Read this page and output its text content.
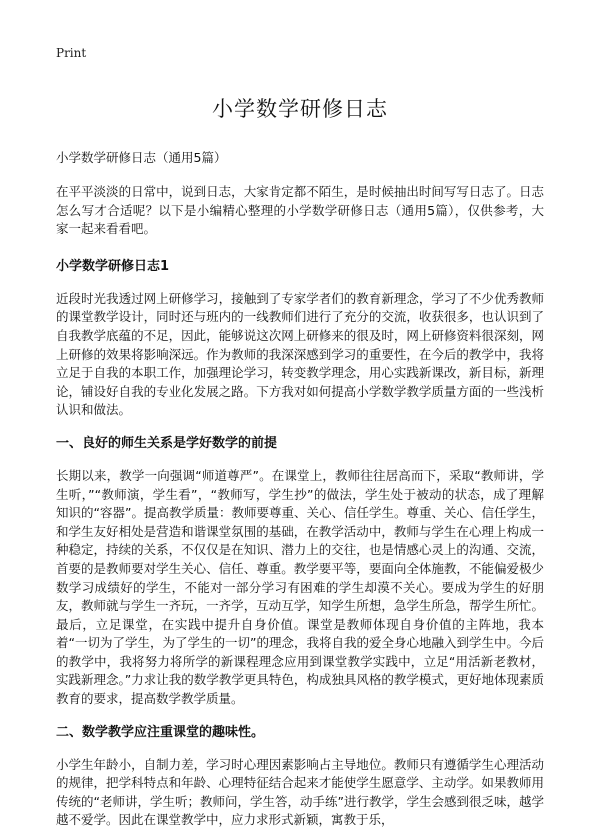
Print
小学数学研修日志

小学数学研修日志（通用5篇）

在平平淡淡的日常中，说到日志，大家肯定都不陌生，是时候抽出时间写写日志了。日志怎么写才合适呢？以下是小编精心整理的小学数学研修日志（通用5篇），仅供参考，大家一起来看看吧。

小学数学研修日志1

近段时光我透过网上研修学习，接触到了专家学者们的教育新理念，学习了不少优秀教师的课堂教学设计，同时还与班内的一线教师们进行了充分的交流，收获很多，也认识到了自我教学底蕴的不足，因此，能够说这次网上研修来的很及时，网上研修资料很深刻，网上研修的效果将影响深远。作为教师的我深深感到学习的重要性，在今后的教学中，我将立足于自我的本职工作，加强理论学习，转变教学理念，用心实践新课改，新目标，新理论，铺设好自我的专业化发展之路。下方我对如何提高小学数学教学质量方面的一些浅析认识和做法。

一、良好的师生关系是学好数学的前提

长期以来，教学一向强调“师道尊严”。在课堂上，教师往往居高而下，采取“教师讲，学生听，”“教师演，学生看”，“教师写，学生抄”的做法，学生处于被动的状态，成了理解知识的“容器”。提高教学质量：教师要尊重、关心、信任学生。尊重、关心、信任学生，和学生友好相处是营造和谐课堂氛围的基础，在教学活动中，教师与学生在心理上构成一种稳定，持续的关系，不仅仅是在知识、潜力上的交往，也是情感心灵上的沟通、交流，首要的是教师要对学生关心、信任、尊重。教学要平等，要面向全体施教，不能偏爱极少数学习成绩好的学生，不能对一部分学习有困难的学生却漠不关心。要成为学生的好朋友，教师就与学生一齐玩，一齐学，互动互学，知学生所想，急学生所急，帮学生所忙。最后，立足课堂，在实践中提升自身价值。课堂是教师体现自身价值的主阵地，我本着“一切为了学生，为了学生的一切”的理念，我将自我的爱全身心地融入到学生中。今后的教学中，我将努力将所学的新课程理念应用到课堂教学实践中，立足“用活新老教材，实践新理念。”力求让我的数学教学更具特色，构成独具风格的教学模式，更好地体现素质教育的要求，提高数学教学质量。

二、数学教学应注重课堂的趣味性。

小学生年龄小，自制力差，学习时心理因素影响占主导地位。教师只有遵循学生心理活动的规律，把学科特点和年龄、心理特征结合起来才能使学生愿意学、主动学。如果教师用传统的“老师讲，学生听；教师问，学生答，动手练”进行教学，学生会感到很乏味，越学越不爱学。因此在课堂教学中，应力求形式新颖，寓教于乐，
